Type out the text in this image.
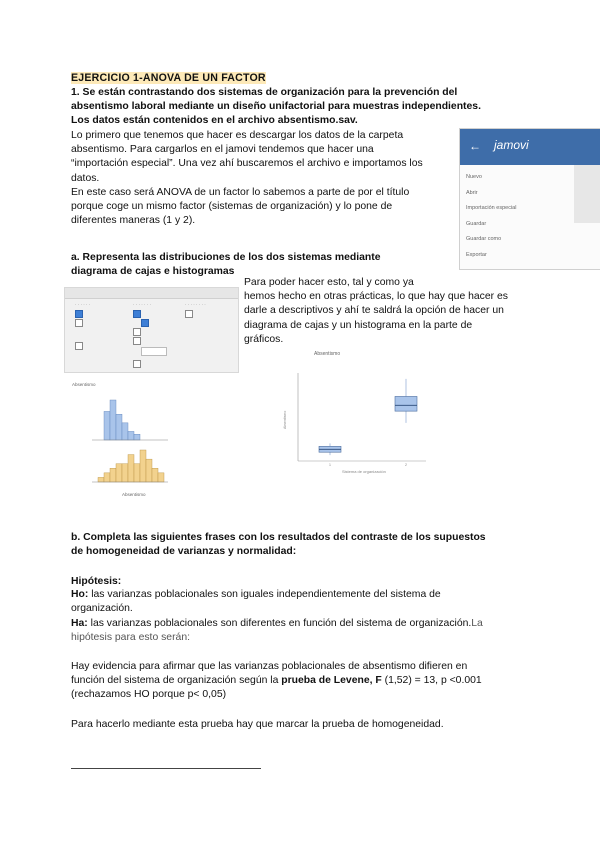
EJERCICIO 1-ANOVA DE UN FACTOR
1. Se están contrastando dos sistemas de organización para la prevención del
absentismo laboral mediante un diseño unifactorial para muestras independientes.
Los datos están contenidos en el archivo absentismo.sav.
Lo primero que tenemos que hacer es descargar los datos de la carpeta
absentismo. Para cargarlos en el jamovi tendemos que hacer una
“importación especial”. Una vez ahí buscaremos el archivo e importamos los
datos.
En este caso será ANOVA de un factor lo sabemos a parte de por el título
porque coge un mismo factor (sistemas de organización) y lo pone de
diferentes maneras (1 y 2).
← jamovi
Nuevo
Abrir
Importación especial
Guardar
Guardar como
Exportar
a. Representa las distribuciones de los dos sistemas mediante
diagrama de cajas e histogramas
Para poder hacer esto, tal y como ya
hemos hecho en otras prácticas, lo que hay que hacer es
darle a descriptivos y ahí te saldrá la opción de hacer un
diagrama de cajas y un histograma en la parte de
gráficos.
· · · · · ·	· · · · · · ·	· · · · · · · ·
Absentismo
Absentismo
Absentismo
Absentismo
1	2
Sistema de organización
b. Completa las siguientes frases con los resultados del contraste de los supuestos
de homogeneidad de varianzas y normalidad:
Hipótesis:
Ho: las varianzas poblacionales son iguales independientemente del sistema de
organización.
Ha: las varianzas poblacionales son diferentes en función del sistema de organización.La
hipótesis para esto serán:
Hay evidencia para afirmar que las varianzas poblacionales de absentismo difieren en
función del sistema de organización según la prueba de Levene, F (1,52) = 13, p <0.001
(rechazamos HO porque p< 0,05)
Para hacerlo mediante esta prueba hay que marcar la prueba de homogeneidad.
